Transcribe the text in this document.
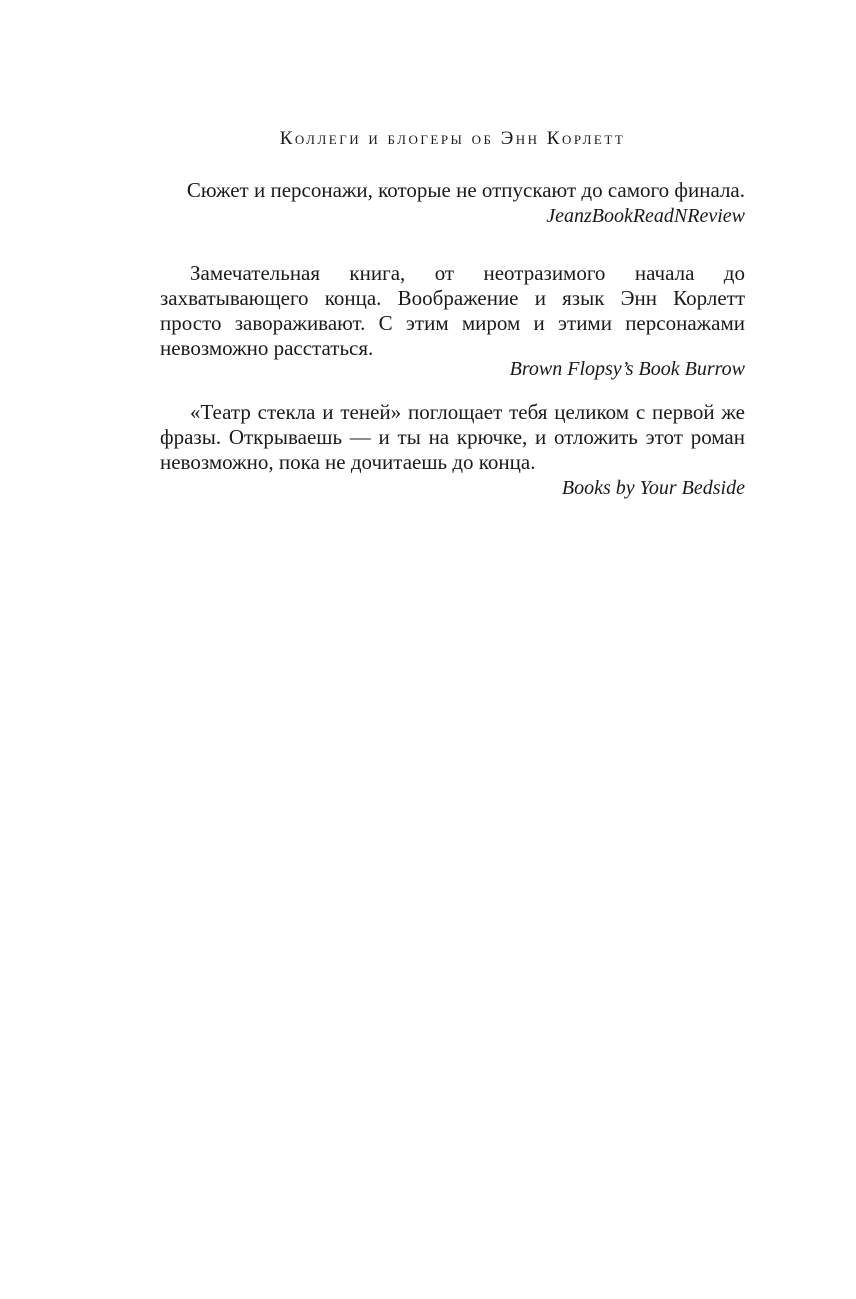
Коллеги и блогеры об Энн Корлетт

Сюжет и персонажи, которые не отпускают до самого финала.

JeanzBookReadNReview

Замечательная книга, от неотразимого начала до захватывающего конца. Воображение и язык Энн Корлетт просто завораживают. С этим миром и этими персонажами невозможно расстаться.

Brown Flopsy’s Book Burrow

«Театр стекла и теней» поглощает тебя целиком с первой же фразы. Открываешь — и ты на крючке, и отложить этот роман невозможно, пока не дочитаешь до конца.

Books by Your Bedside
